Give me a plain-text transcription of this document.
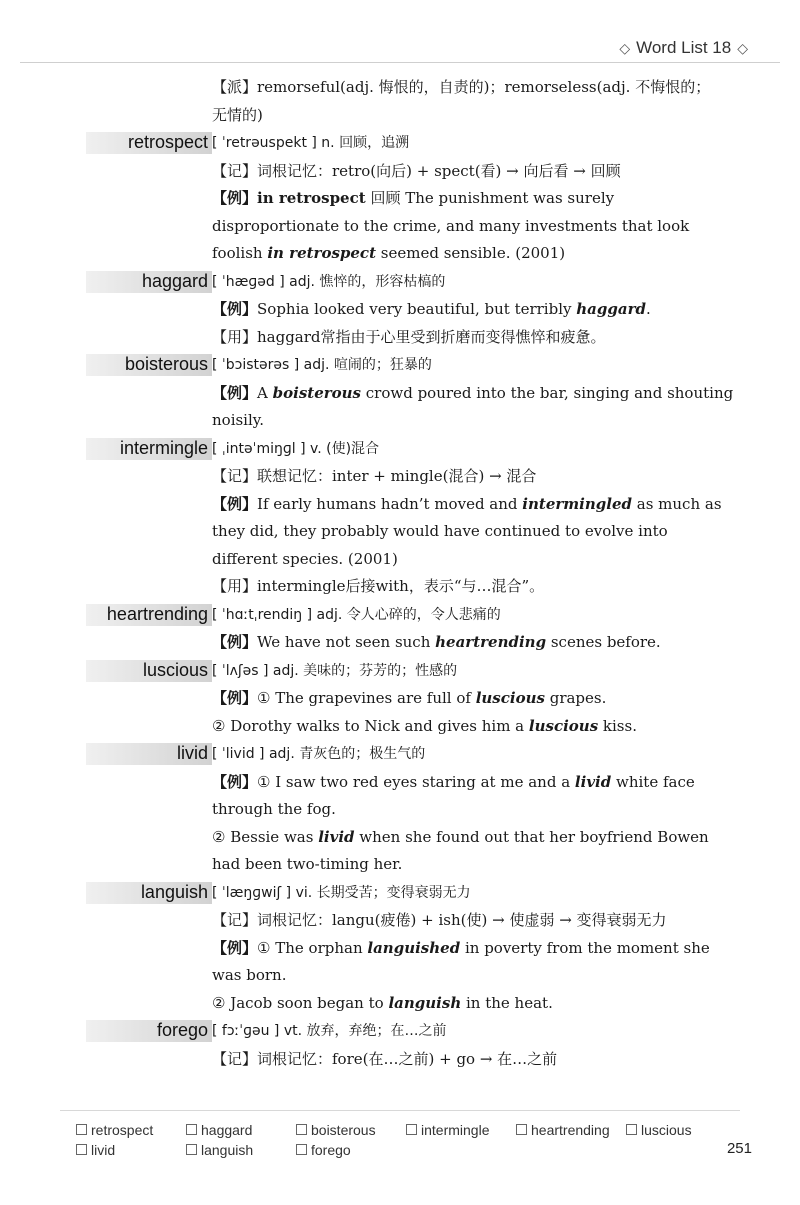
◇ Word List 18 ◇
【派】remorseful(adj. 悔恨的，自责的)；remorseless(adj. 不悔恨的；
无情的)
retrospect [ ˈretrəuspekt ] n. 回顾，追溯
【记】词根记忆：retro(向后) + spect(看) → 向后看 → 回顾
【例】in retrospect 回顾 The punishment was surely disproportionate to the crime, and many investments that look foolish in retrospect seemed sensible. (2001)
haggard [ ˈhæɡəd ] adj. 憔悴的，形容枯槁的
【例】Sophia looked very beautiful, but terribly haggard.
【用】haggard常指由于心里受到折磨而变得憔悴和疲惫。
boisterous [ ˈbɔistərəs ] adj. 喧闹的；狂暴的
【例】A boisterous crowd poured into the bar, singing and shouting noisily.
intermingle [ ˌintəˈmiŋɡl ] v. (使)混合
【记】联想记忆：inter + mingle(混合) → 混合
【例】If early humans hadn’t moved and intermingled as much as they did, they probably would have continued to evolve into different species. (2001)
【用】intermingle后接with，表示“与…混合”。
heartrending [ ˈhɑːtˌrendiŋ ] adj. 令人心碎的，令人悲痛的
【例】We have not seen such heartrending scenes before.
luscious [ ˈlʌʃəs ] adj. 美味的；芬芳的；性感的
【例】① The grapevines are full of luscious grapes.
② Dorothy walks to Nick and gives him a luscious kiss.
livid [ ˈlivid ] adj. 青灰色的；极生气的
【例】① I saw two red eyes staring at me and a livid white face through the fog.
② Bessie was livid when she found out that her boyfriend Bowen had been two-timing her.
languish [ ˈlæŋɡwiʃ ] vi. 长期受苦；变得衰弱无力
【记】词根记忆：langu(疲倦) + ish(使) → 使虚弱 → 变得衰弱无力
【例】① The orphan languished in poverty from the moment she was born.
② Jacob soon began to languish in the heat.
forego [ fɔːˈɡəu ] vt. 放弃，弃绝；在…之前
【记】词根记忆：fore(在…之前) + go → 在…之前
retrospect	haggard	boisterous	intermingle	heartrending	luscious
livid	languish	forego	251
